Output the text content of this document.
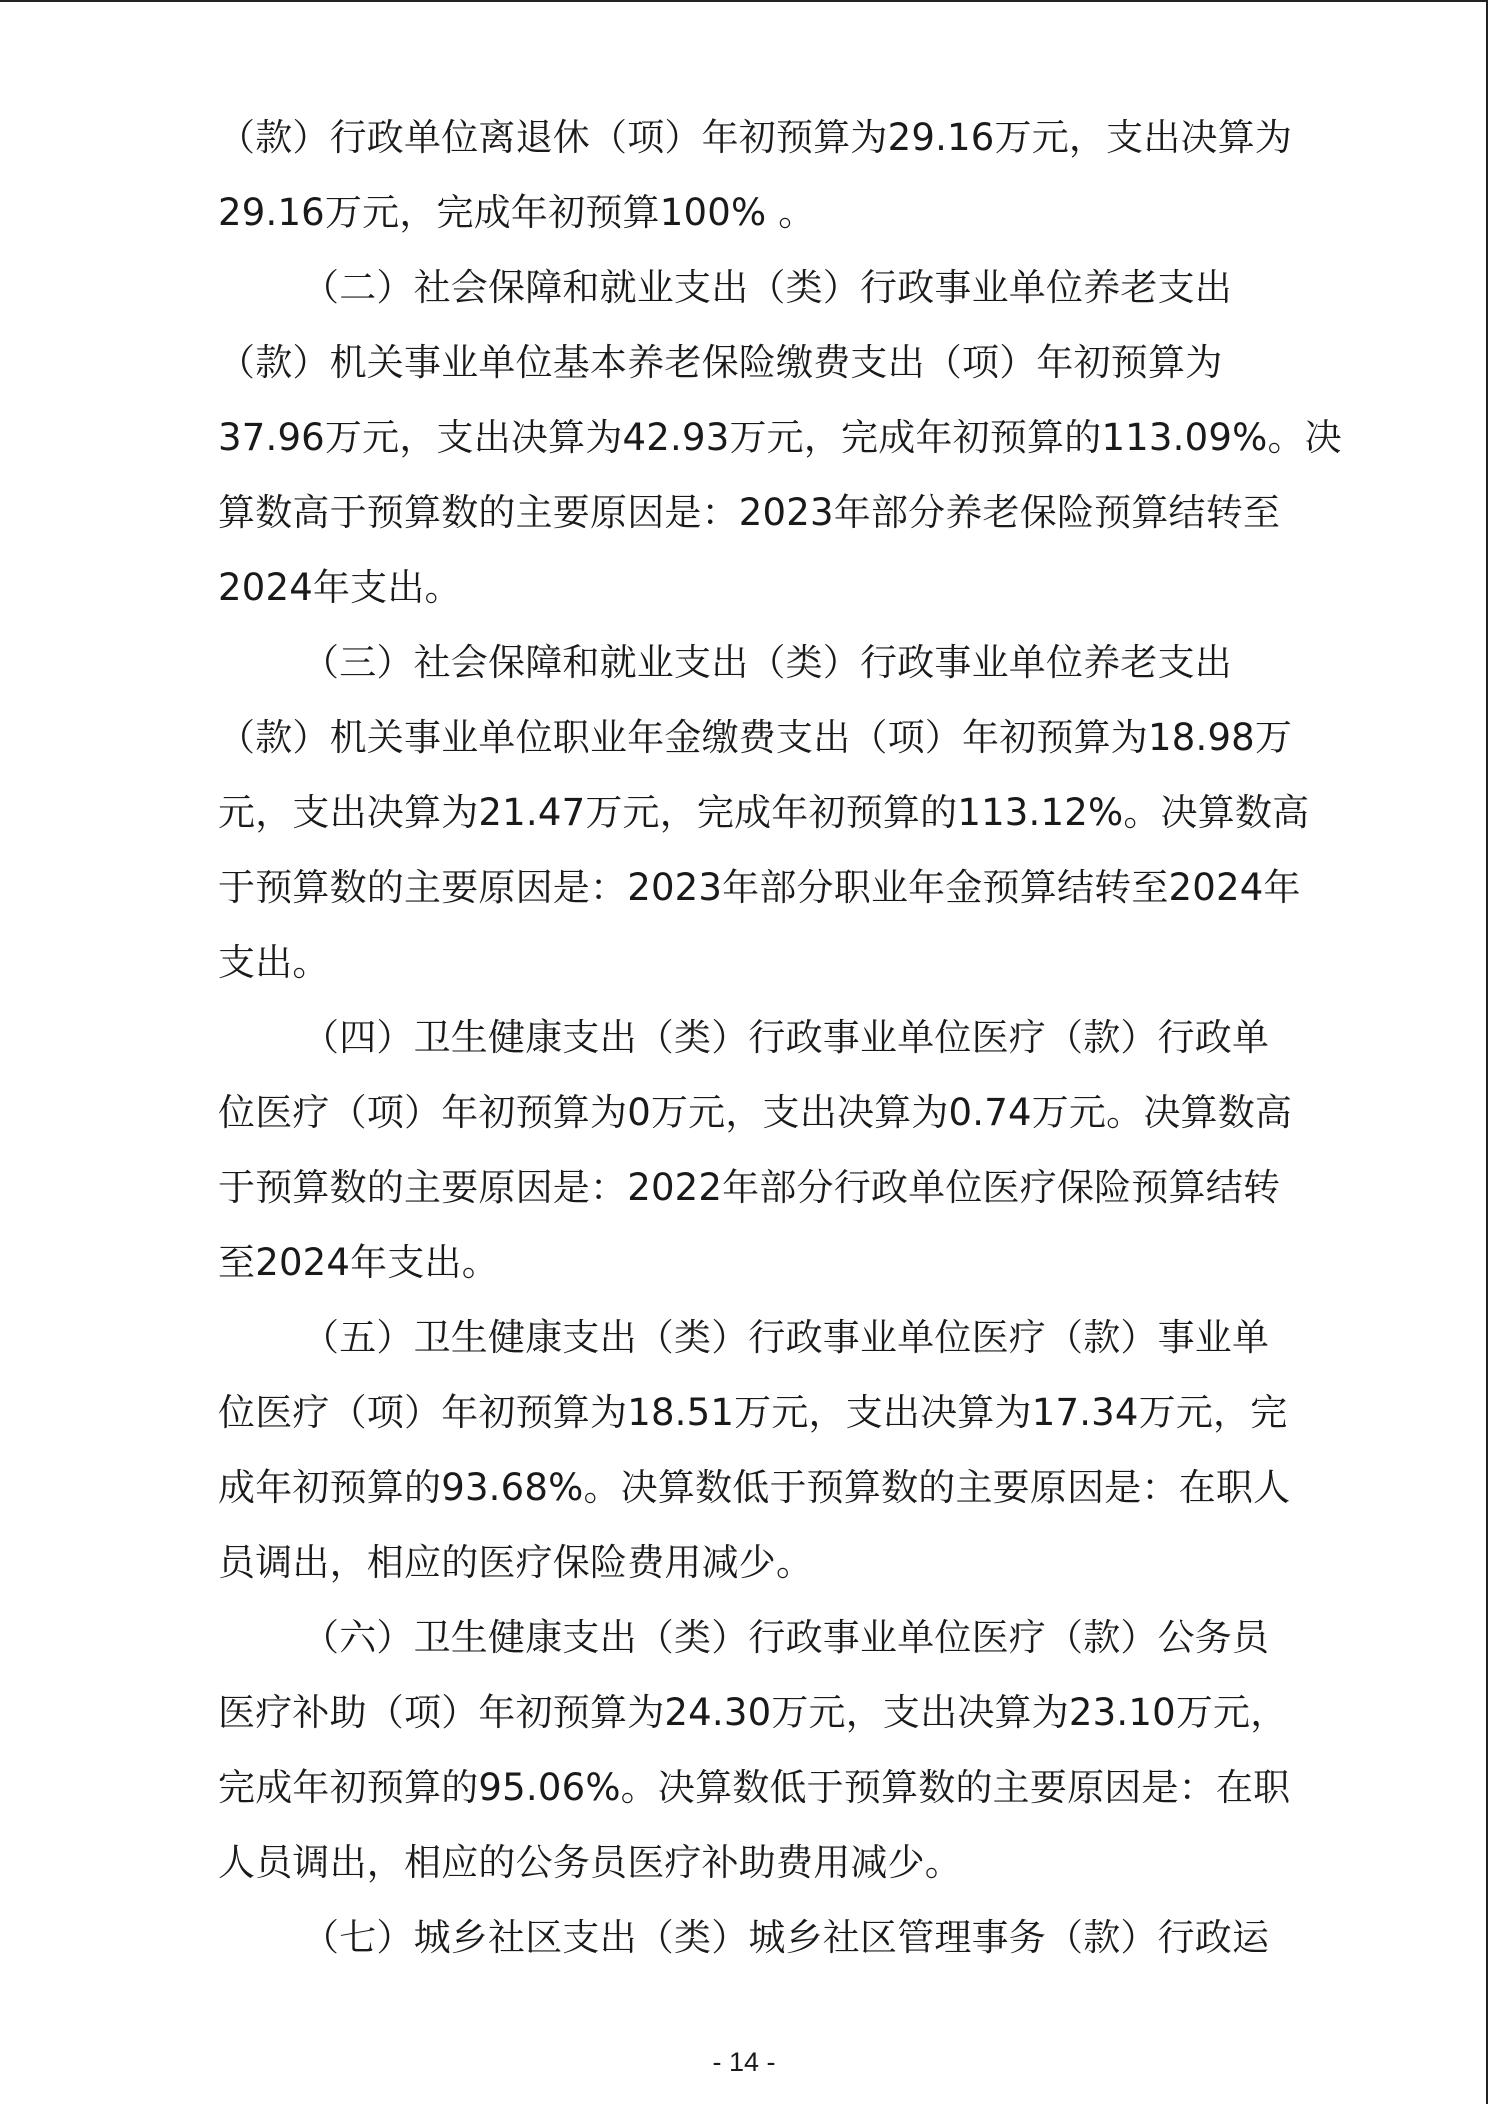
（款）行政单位离退休（项）年初预算为29.16万元，支出决算为
29.16万元，完成年初预算100% 。
（二）社会保障和就业支出（类）行政事业单位养老支出
（款）机关事业单位基本养老保险缴费支出（项）年初预算为
37.96万元，支出决算为42.93万元，完成年初预算的113.09%。决
算数高于预算数的主要原因是：2023年部分养老保险预算结转至
2024年支出。
（三）社会保障和就业支出（类）行政事业单位养老支出
（款）机关事业单位职业年金缴费支出（项）年初预算为18.98万
元，支出决算为21.47万元，完成年初预算的113.12%。决算数高
于预算数的主要原因是：2023年部分职业年金预算结转至2024年
支出。
（四）卫生健康支出（类）行政事业单位医疗（款）行政单
位医疗（项）年初预算为0万元，支出决算为0.74万元。决算数高
于预算数的主要原因是：2022年部分行政单位医疗保险预算结转
至2024年支出。
（五）卫生健康支出（类）行政事业单位医疗（款）事业单
位医疗（项）年初预算为18.51万元，支出决算为17.34万元，完
成年初预算的93.68%。决算数低于预算数的主要原因是：在职人
员调出，相应的医疗保险费用减少。
（六）卫生健康支出（类）行政事业单位医疗（款）公务员
医疗补助（项）年初预算为24.30万元，支出决算为23.10万元，
完成年初预算的95.06%。决算数低于预算数的主要原因是：在职
人员调出，相应的公务员医疗补助费用减少。
（七）城乡社区支出（类）城乡社区管理事务（款）行政运
- 14 -
